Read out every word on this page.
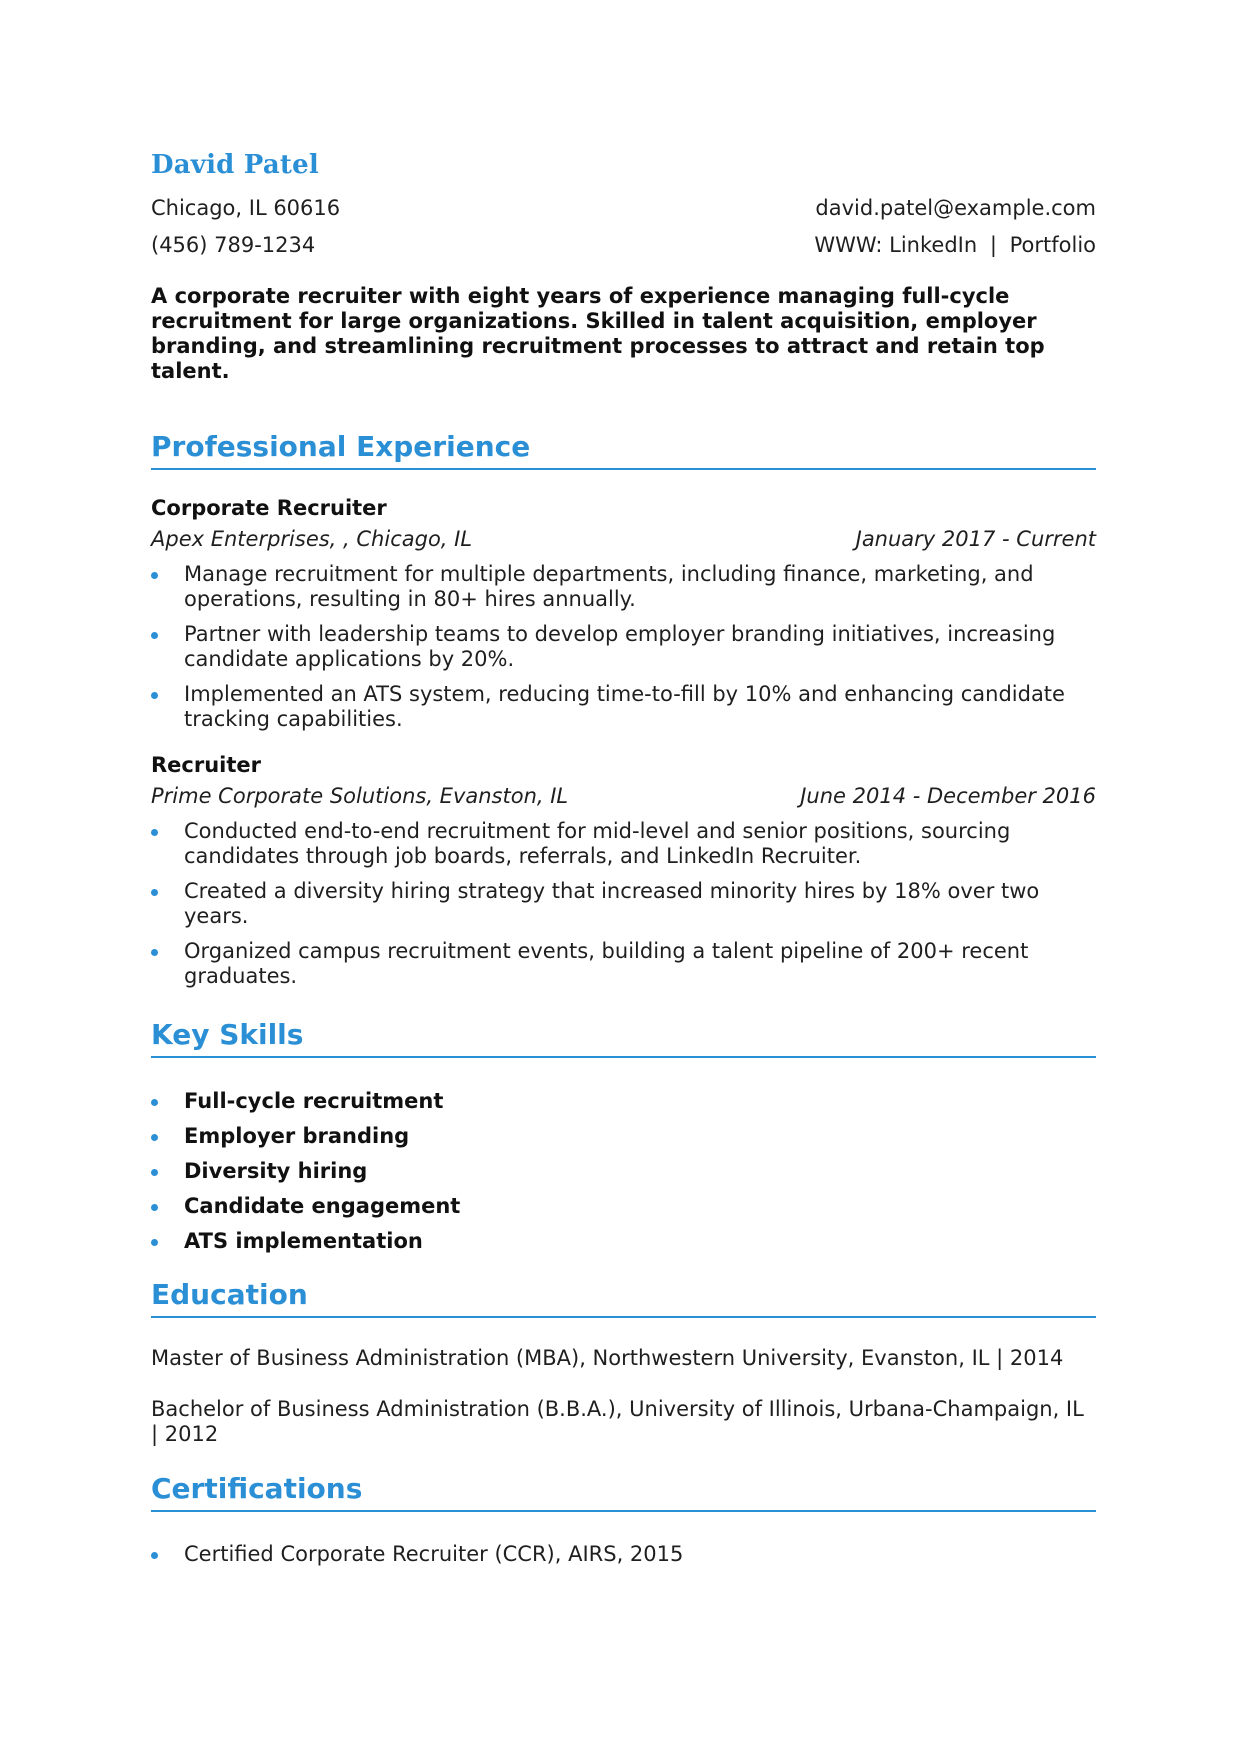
David Patel
Chicago, IL 60616	david.patel@example.com
(456) 789-1234	WWW: LinkedIn | Portfolio
A corporate recruiter with eight years of experience managing full-cycle recruitment for large organizations. Skilled in talent acquisition, employer branding, and streamlining recruitment processes to attract and retain top talent.
Professional Experience
Corporate Recruiter
Apex Enterprises, , Chicago, IL	January 2017 - Current
Manage recruitment for multiple departments, including finance, marketing, and operations, resulting in 80+ hires annually.
Partner with leadership teams to develop employer branding initiatives, increasing candidate applications by 20%.
Implemented an ATS system, reducing time-to-fill by 10% and enhancing candidate tracking capabilities.
Recruiter
Prime Corporate Solutions, Evanston, IL	June 2014 - December 2016
Conducted end-to-end recruitment for mid-level and senior positions, sourcing candidates through job boards, referrals, and LinkedIn Recruiter.
Created a diversity hiring strategy that increased minority hires by 18% over two years.
Organized campus recruitment events, building a talent pipeline of 200+ recent graduates.
Key Skills
Full-cycle recruitment
Employer branding
Diversity hiring
Candidate engagement
ATS implementation
Education
Master of Business Administration (MBA), Northwestern University, Evanston, IL | 2014
Bachelor of Business Administration (B.B.A.), University of Illinois, Urbana-Champaign, IL | 2012
Certifications
Certified Corporate Recruiter (CCR), AIRS, 2015
